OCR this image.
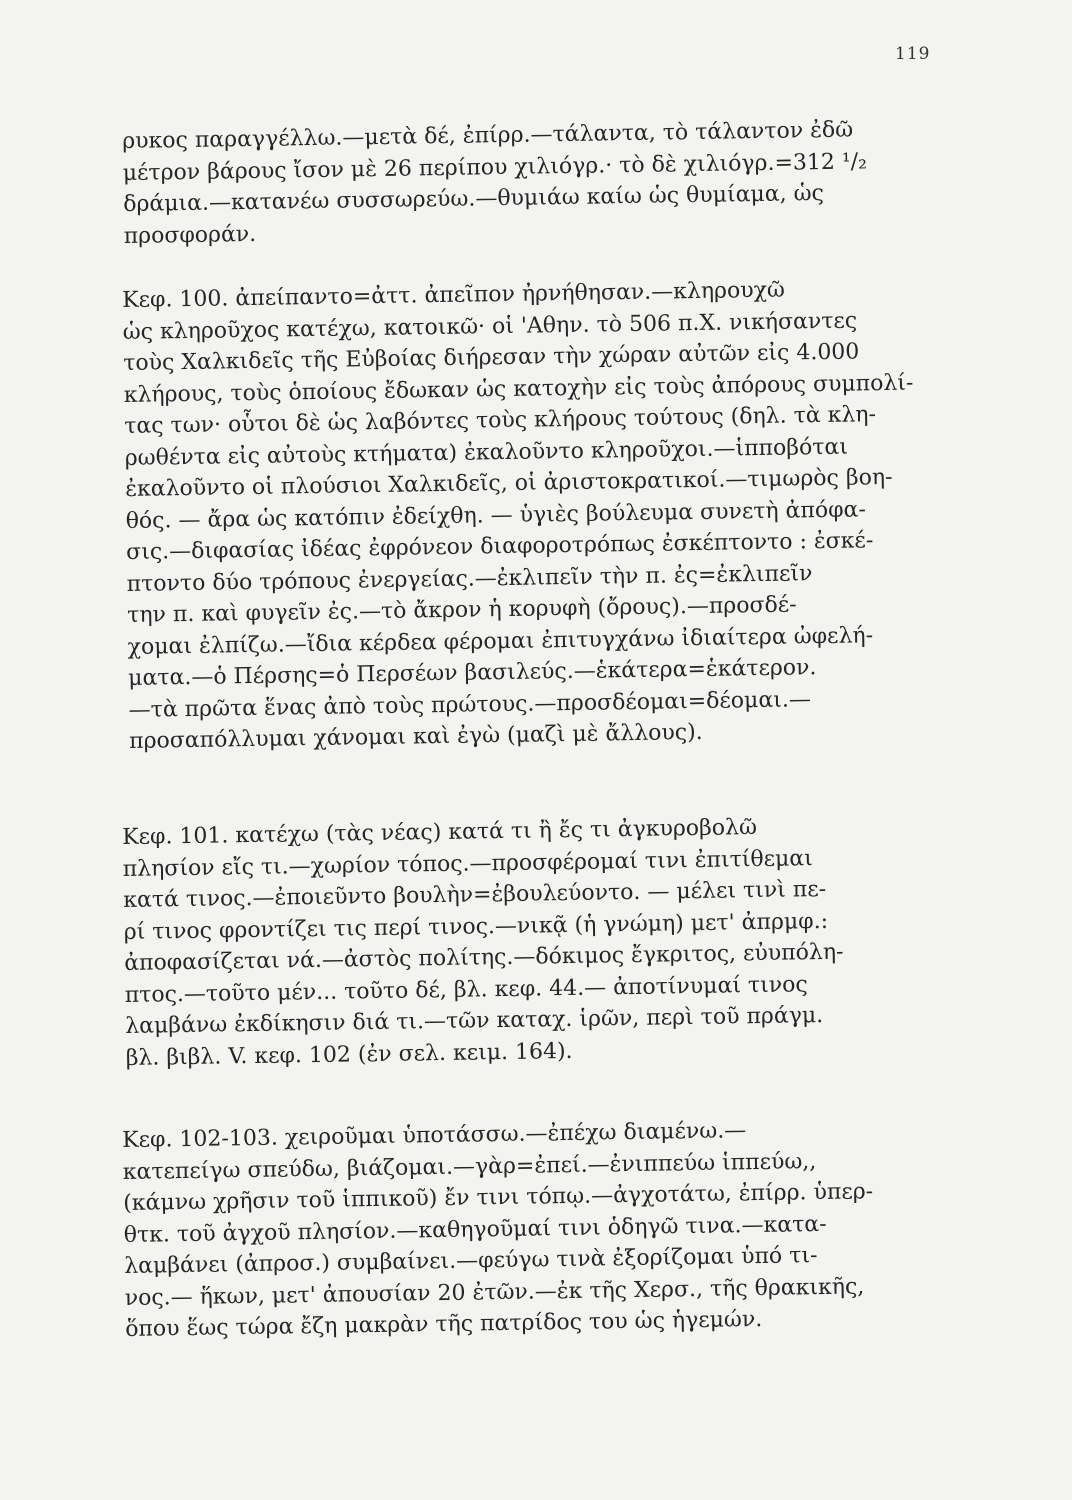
119

ρυκος παραγγέλλω.—μετὰ δέ, ἐπίρρ.—τάλαντα, τὸ τάλαντον ἐδῶ
μέτρον βάρους ἴσον μὲ 26 περίπου χιλιόγρ.· τὸ δὲ χιλιόγρ.=312 ¹/₂
δράμια.—κατανέω συσσωρεύω.—θυμιάω καίω ὡς θυμίαμα, ὡς
προσφοράν.

Κεφ. 100. ἀπείπαντο=ἀττ. ἀπεῖπον ἠρνήθησαν.—κληρουχῶ
ὡς κληροῦχος κατέχω, κατοικῶ· οἱ 'Αθην. τὸ 506 π.Χ. νικήσαντες
τοὺς Χαλκιδεῖς τῆς Εὐβοίας διήρεσαν τὴν χώραν αὐτῶν εἰς 4.000
κλήρους, τοὺς ὁποίους ἔδωκαν ὡς κατοχὴν εἰς τοὺς ἀπόρους συμπολί-
τας των· οὗτοι δὲ ὡς λαβόντες τοὺς κλήρους τούτους (δηλ. τὰ κλη-
ρωθέντα εἰς αὐτοὺς κτήματα) ἐκαλοῦντο κληροῦχοι.—ἱπποβόται
ἐκαλοῦντο οἱ πλούσιοι Χαλκιδεῖς, οἱ ἀριστοκρατικοί.—τιμωρὸς βοη-
θός. — ἄρα ὡς κατόπιν ἐδείχθη. — ὑγιὲς βούλευμα συνετὴ ἀπόφα-
σις.—διφασίας ἰδέας ἐφρόνεον διαφοροτρόπως ἐσκέπτοντο : ἐσκέ-
πτοντο δύο τρόπους ἐνεργείας.—ἐκλιπεῖν τὴν π. ἐς=ἐκλιπεῖν
την π. καὶ φυγεῖν ἐς.—τὸ ἄκρον ἡ κορυφὴ (ὄρους).—προσδέ-
χομαι ἐλπίζω.—ἴδια κέρδεα φέρομαι ἐπιτυγχάνω ἰδιαίτερα ὠφελή-
ματα.—ὁ Πέρσης=ὁ Περσέων βασιλεύς.—ἑκάτερα=ἑκάτερον.
—τὰ πρῶτα ἕνας ἀπὸ τοὺς πρώτους.—προσδέομαι=δέομαι.—
προσαπόλλυμαι χάνομαι καὶ ἐγὼ (μαζὶ μὲ ἄλλους).

Κεφ. 101. κατέχω (τὰς νέας) κατά τι ἢ ἔς τι ἀγκυροβολῶ
πλησίον εἴς τι.—χωρίον τόπος.—προσφέρομαί τινι ἐπιτίθεμαι
κατά τινος.—ἐποιεῦντο βουλὴν=ἐβουλεύοντο. — μέλει τινὶ πε-
ρί τινος φροντίζει τις περί τινος.—νικᾷ (ἡ γνώμη) μετ' ἀπρμφ.:
ἀποφασίζεται νά.—ἀστὸς πολίτης.—δόκιμος ἔγκριτος, εὐυπόλη-
πτος.—τοῦτο μέν... τοῦτο δέ, βλ. κεφ. 44.— ἀποτίνυμαί τινος
λαμβάνω ἐκδίκησιν διά τι.—τῶν καταχ. ἱρῶν, περὶ τοῦ πράγμ.
βλ. βιβλ. V. κεφ. 102 (ἐν σελ. κειμ. 164).

Κεφ. 102-103. χειροῦμαι ὑποτάσσω.—ἐπέχω διαμένω.—
κατεπείγω σπεύδω, βιάζομαι.—γὰρ=ἐπεί.—ἐνιππεύω ἱππεύω,,
(κάμνω χρῆσιν τοῦ ἱππικοῦ) ἔν τινι τόπῳ.—ἀγχοτάτω, ἐπίρρ. ὑπερ-
θτκ. τοῦ ἀγχοῦ πλησίον.—καθηγοῦμαί τινι ὁδηγῶ τινα.—κατα-
λαμβάνει (ἀπροσ.) συμβαίνει.—φεύγω τινὰ ἐξορίζομαι ὑπό τι-
νος.— ἥκων, μετ' ἀπουσίαν 20 ἐτῶν.—ἐκ τῆς Χερσ., τῆς θρακικῆς,
ὅπου ἕως τώρα ἔζη μακρὰν τῆς πατρίδος του ὡς ἡγεμών.
